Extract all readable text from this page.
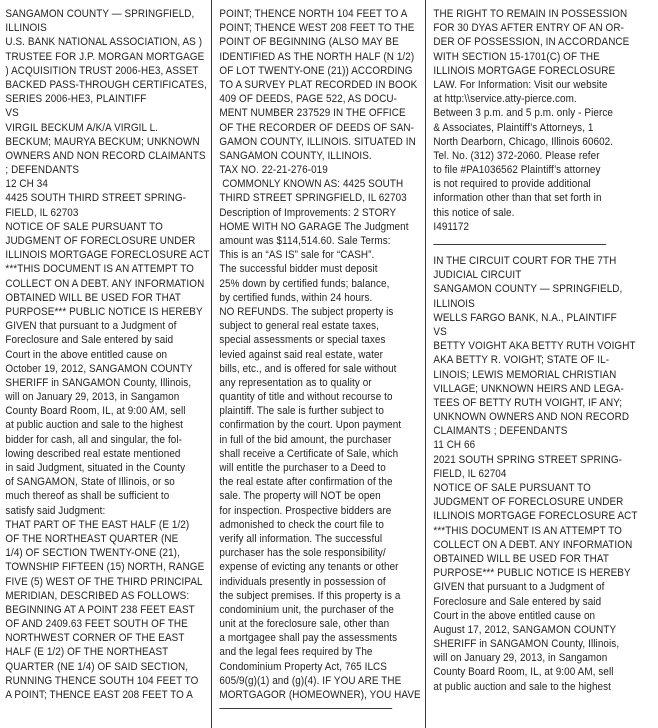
SANGAMON COUNTY — SPRINGFIELD,
ILLINOIS
U.S. BANK NATIONAL ASSOCIATION, AS )
TRUSTEE FOR J.P. MORGAN MORTGAGE
) ACQUISITION TRUST 2006-HE3, ASSET
BACKED PASS-THROUGH CERTIFICATES,
SERIES 2006-HE3, PLAINTIFF
VS
VIRGIL BECKUM A/K/A VIRGIL L.
BECKUM; MAURYA BECKUM; UNKNOWN
OWNERS AND NON RECORD CLAIMANTS
; DEFENDANTS
12 CH 34
4425 SOUTH THIRD STREET SPRING-
FIELD, IL 62703
NOTICE OF SALE PURSUANT TO
JUDGMENT OF FORECLOSURE UNDER
ILLINOIS MORTGAGE FORECLOSURE ACT
***THIS DOCUMENT IS AN ATTEMPT TO
COLLECT ON A DEBT. ANY INFORMATION
OBTAINED WILL BE USED FOR THAT
PURPOSE*** PUBLIC NOTICE IS HEREBY
GIVEN that pursuant to a Judgment of
Foreclosure and Sale entered by said
Court in the above entitled cause on
October 19, 2012, SANGAMON COUNTY
SHERIFF in SANGAMON County, Illinois,
will on January 29, 2013, in Sangamon
County Board Room, IL, at 9:00 AM, sell
at public auction and sale to the highest
bidder for cash, all and singular, the fol-
lowing described real estate mentioned
in said Judgment, situated in the County
of SANGAMON, State of Illinois, or so
much thereof as shall be sufficient to
satisfy said Judgment:
THAT PART OF THE EAST HALF (E 1/2)
OF THE NORTHEAST QUARTER (NE
1/4) OF SECTION TWENTY-ONE (21),
TOWNSHIP FIFTEEN (15) NORTH, RANGE
FIVE (5) WEST OF THE THIRD PRINCIPAL
MERIDIAN, DESCRIBED AS FOLLOWS:
BEGINNING AT A POINT 238 FEET EAST
OF AND 2409.63 FEET SOUTH OF THE
NORTHWEST CORNER OF THE EAST
HALF (E 1/2) OF THE NORTHEAST
QUARTER (NE 1/4) OF SAID SECTION,
RUNNING THENCE SOUTH 104 FEET TO
A POINT; THENCE EAST 208 FEET TO A
POINT; THENCE NORTH 104 FEET TO A
POINT; THENCE WEST 208 FEET TO THE
POINT OF BEGINNING (ALSO MAY BE
IDENTIFIED AS THE NORTH HALF (N 1/2)
OF LOT TWENTY-ONE (21)) ACCORDING
TO A SURVEY PLAT RECORDED IN BOOK
409 OF DEEDS, PAGE 522, AS DOCU-
MENT NUMBER 237529 IN THE OFFICE
OF THE RECORDER OF DEEDS OF SAN-
GAMON COUNTY, ILLINOIS. SITUATED IN
SANGAMON COUNTY, ILLINOIS.
TAX NO. 22-21-276-019
COMMONLY KNOWN AS: 4425 SOUTH
THIRD STREET SPRINGFIELD, IL 62703
Description of Improvements: 2 STORY
HOME WITH NO GARAGE The Judgment
amount was $114,514.60. Sale Terms:
This is an “AS IS” sale for “CASH”.
The successful bidder must deposit
25% down by certified funds; balance,
by certified funds, within 24 hours.
NO REFUNDS. The subject property is
subject to general real estate taxes,
special assessments or special taxes
levied against said real estate, water
bills, etc., and is offered for sale without
any representation as to quality or
quantity of title and without recourse to
plaintiff. The sale is further subject to
confirmation by the court. Upon payment
in full of the bid amount, the purchaser
shall receive a Certificate of Sale, which
will entitle the purchaser to a Deed to
the real estate after confirmation of the
sale. The property will NOT be open
for inspection. Prospective bidders are
admonished to check the court file to
verify all information. The successful
purchaser has the sole responsibility/
expense of evicting any tenants or other
individuals presently in possession of
the subject premises. If this property is a
condominium unit, the purchaser of the
unit at the foreclosure sale, other than
a mortgagee shall pay the assessments
and the legal fees required by The
Condominium Property Act, 765 ILCS
605/9(g)(1) and (g)(4). IF YOU ARE THE
MORTGAGOR (HOMEOWNER), YOU HAVE
THE RIGHT TO REMAIN IN POSSESSION
FOR 30 DYAS AFTER ENTRY OF AN OR-
DER OF POSSESSION, IN ACCORDANCE
WITH SECTION 15-1701(C) OF THE
ILLINOIS MORTGAGE FORECLOSURE
LAW. For Information: Visit our website
at http:\\service.atty-pierce.com.
Between 3 p.m. and 5 p.m. only - Pierce
& Associates, Plaintiff’s Attorneys, 1
North Dearborn, Chicago, Illinois 60602.
Tel. No. (312) 372-2060. Please refer
to file #PA1036562 Plaintiff’s attorney
is not required to provide additional
information other than that set forth in
this notice of sale.
I491172
IN THE CIRCUIT COURT FOR THE 7TH
JUDICIAL CIRCUIT
SANGAMON COUNTY — SPRINGFIELD,
ILLINOIS
WELLS FARGO BANK, N.A., PLAINTIFF
VS
BETTY VOIGHT AKA BETTY RUTH VOIGHT
AKA BETTY R. VOIGHT; STATE OF IL-
LINOIS; LEWIS MEMORIAL CHRISTIAN
VILLAGE; UNKNOWN HEIRS AND LEGA-
TEES OF BETTY RUTH VOIGHT, IF ANY;
UNKNOWN OWNERS AND NON RECORD
CLAIMANTS ; DEFENDANTS
11 CH 66
2021 SOUTH SPRING STREET SPRING-
FIELD, IL 62704
NOTICE OF SALE PURSUANT TO
JUDGMENT OF FORECLOSURE UNDER
ILLINOIS MORTGAGE FORECLOSURE ACT
***THIS DOCUMENT IS AN ATTEMPT TO
COLLECT ON A DEBT. ANY INFORMATION
OBTAINED WILL BE USED FOR THAT
PURPOSE*** PUBLIC NOTICE IS HEREBY
GIVEN that pursuant to a Judgment of
Foreclosure and Sale entered by said
Court in the above entitled cause on
August 17, 2012, SANGAMON COUNTY
SHERIFF in SANGAMON County, Illinois,
will on January 29, 2013, in Sangamon
County Board Room, IL, at 9:00 AM, sell
at public auction and sale to the highest
